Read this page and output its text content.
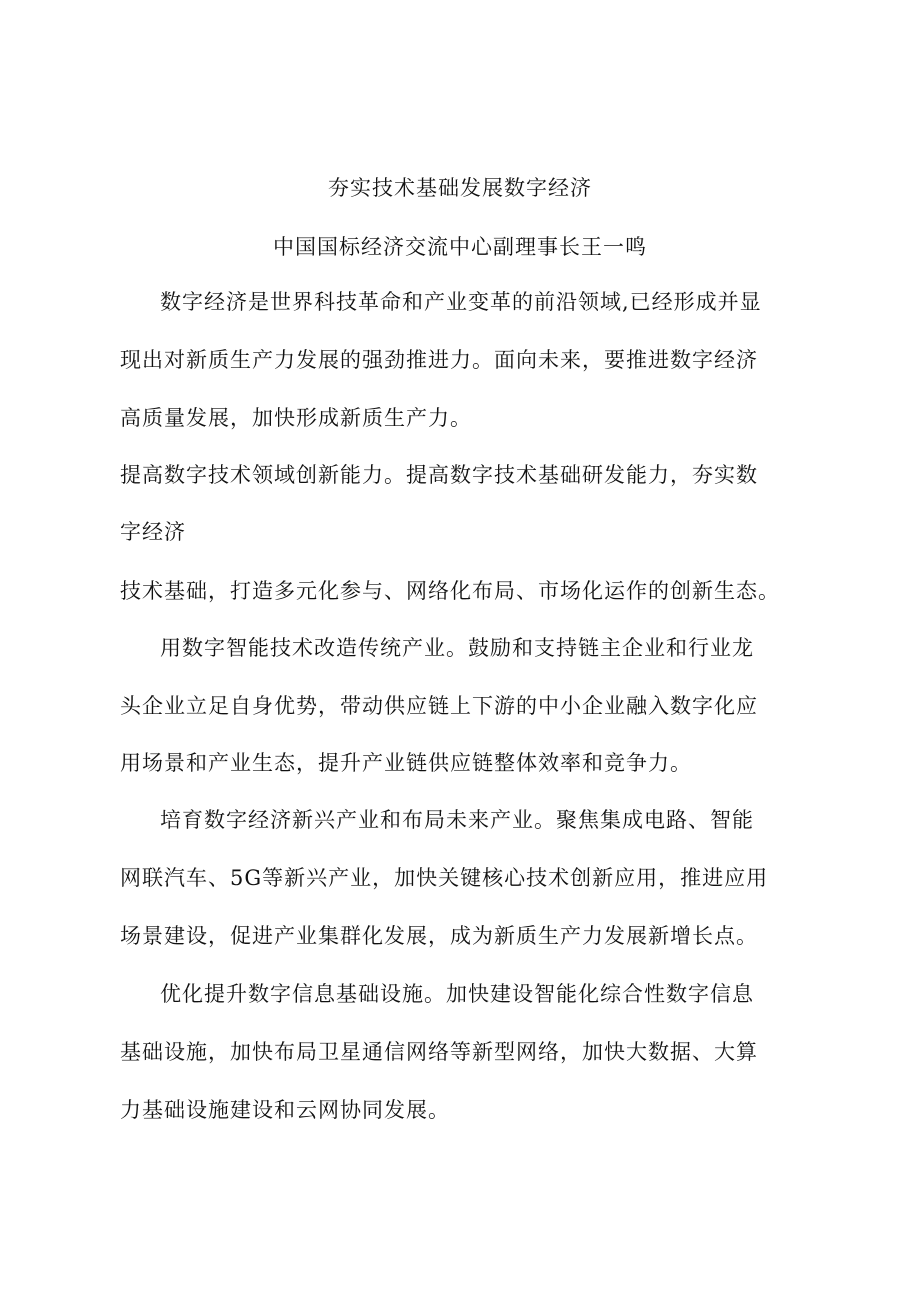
夯实技术基础发展数字经济
中国国标经济交流中心副理事长王一鸣
数字经济是世界科技革命和产业变革的前沿领域,已经形成并显
现出对新质生产力发展的强劲推进力。面向未来，要推进数字经济
高质量发展，加快形成新质生产力。
提高数字技术领域创新能力。提高数字技术基础研发能力，夯实数
字经济
技术基础，打造多元化参与、网络化布局、市场化运作的创新生态。
用数字智能技术改造传统产业。鼓励和支持链主企业和行业龙
头企业立足自身优势，带动供应链上下游的中小企业融入数字化应
用场景和产业生态，提升产业链供应链整体效率和竞争力。
培育数字经济新兴产业和布局未来产业。聚焦集成电路、智能
网联汽车、5G等新兴产业，加快关键核心技术创新应用，推进应用
场景建设，促进产业集群化发展，成为新质生产力发展新增长点。
优化提升数字信息基础设施。加快建设智能化综合性数字信息
基础设施，加快布局卫星通信网络等新型网络，加快大数据、大算
力基础设施建设和云网协同发展。
